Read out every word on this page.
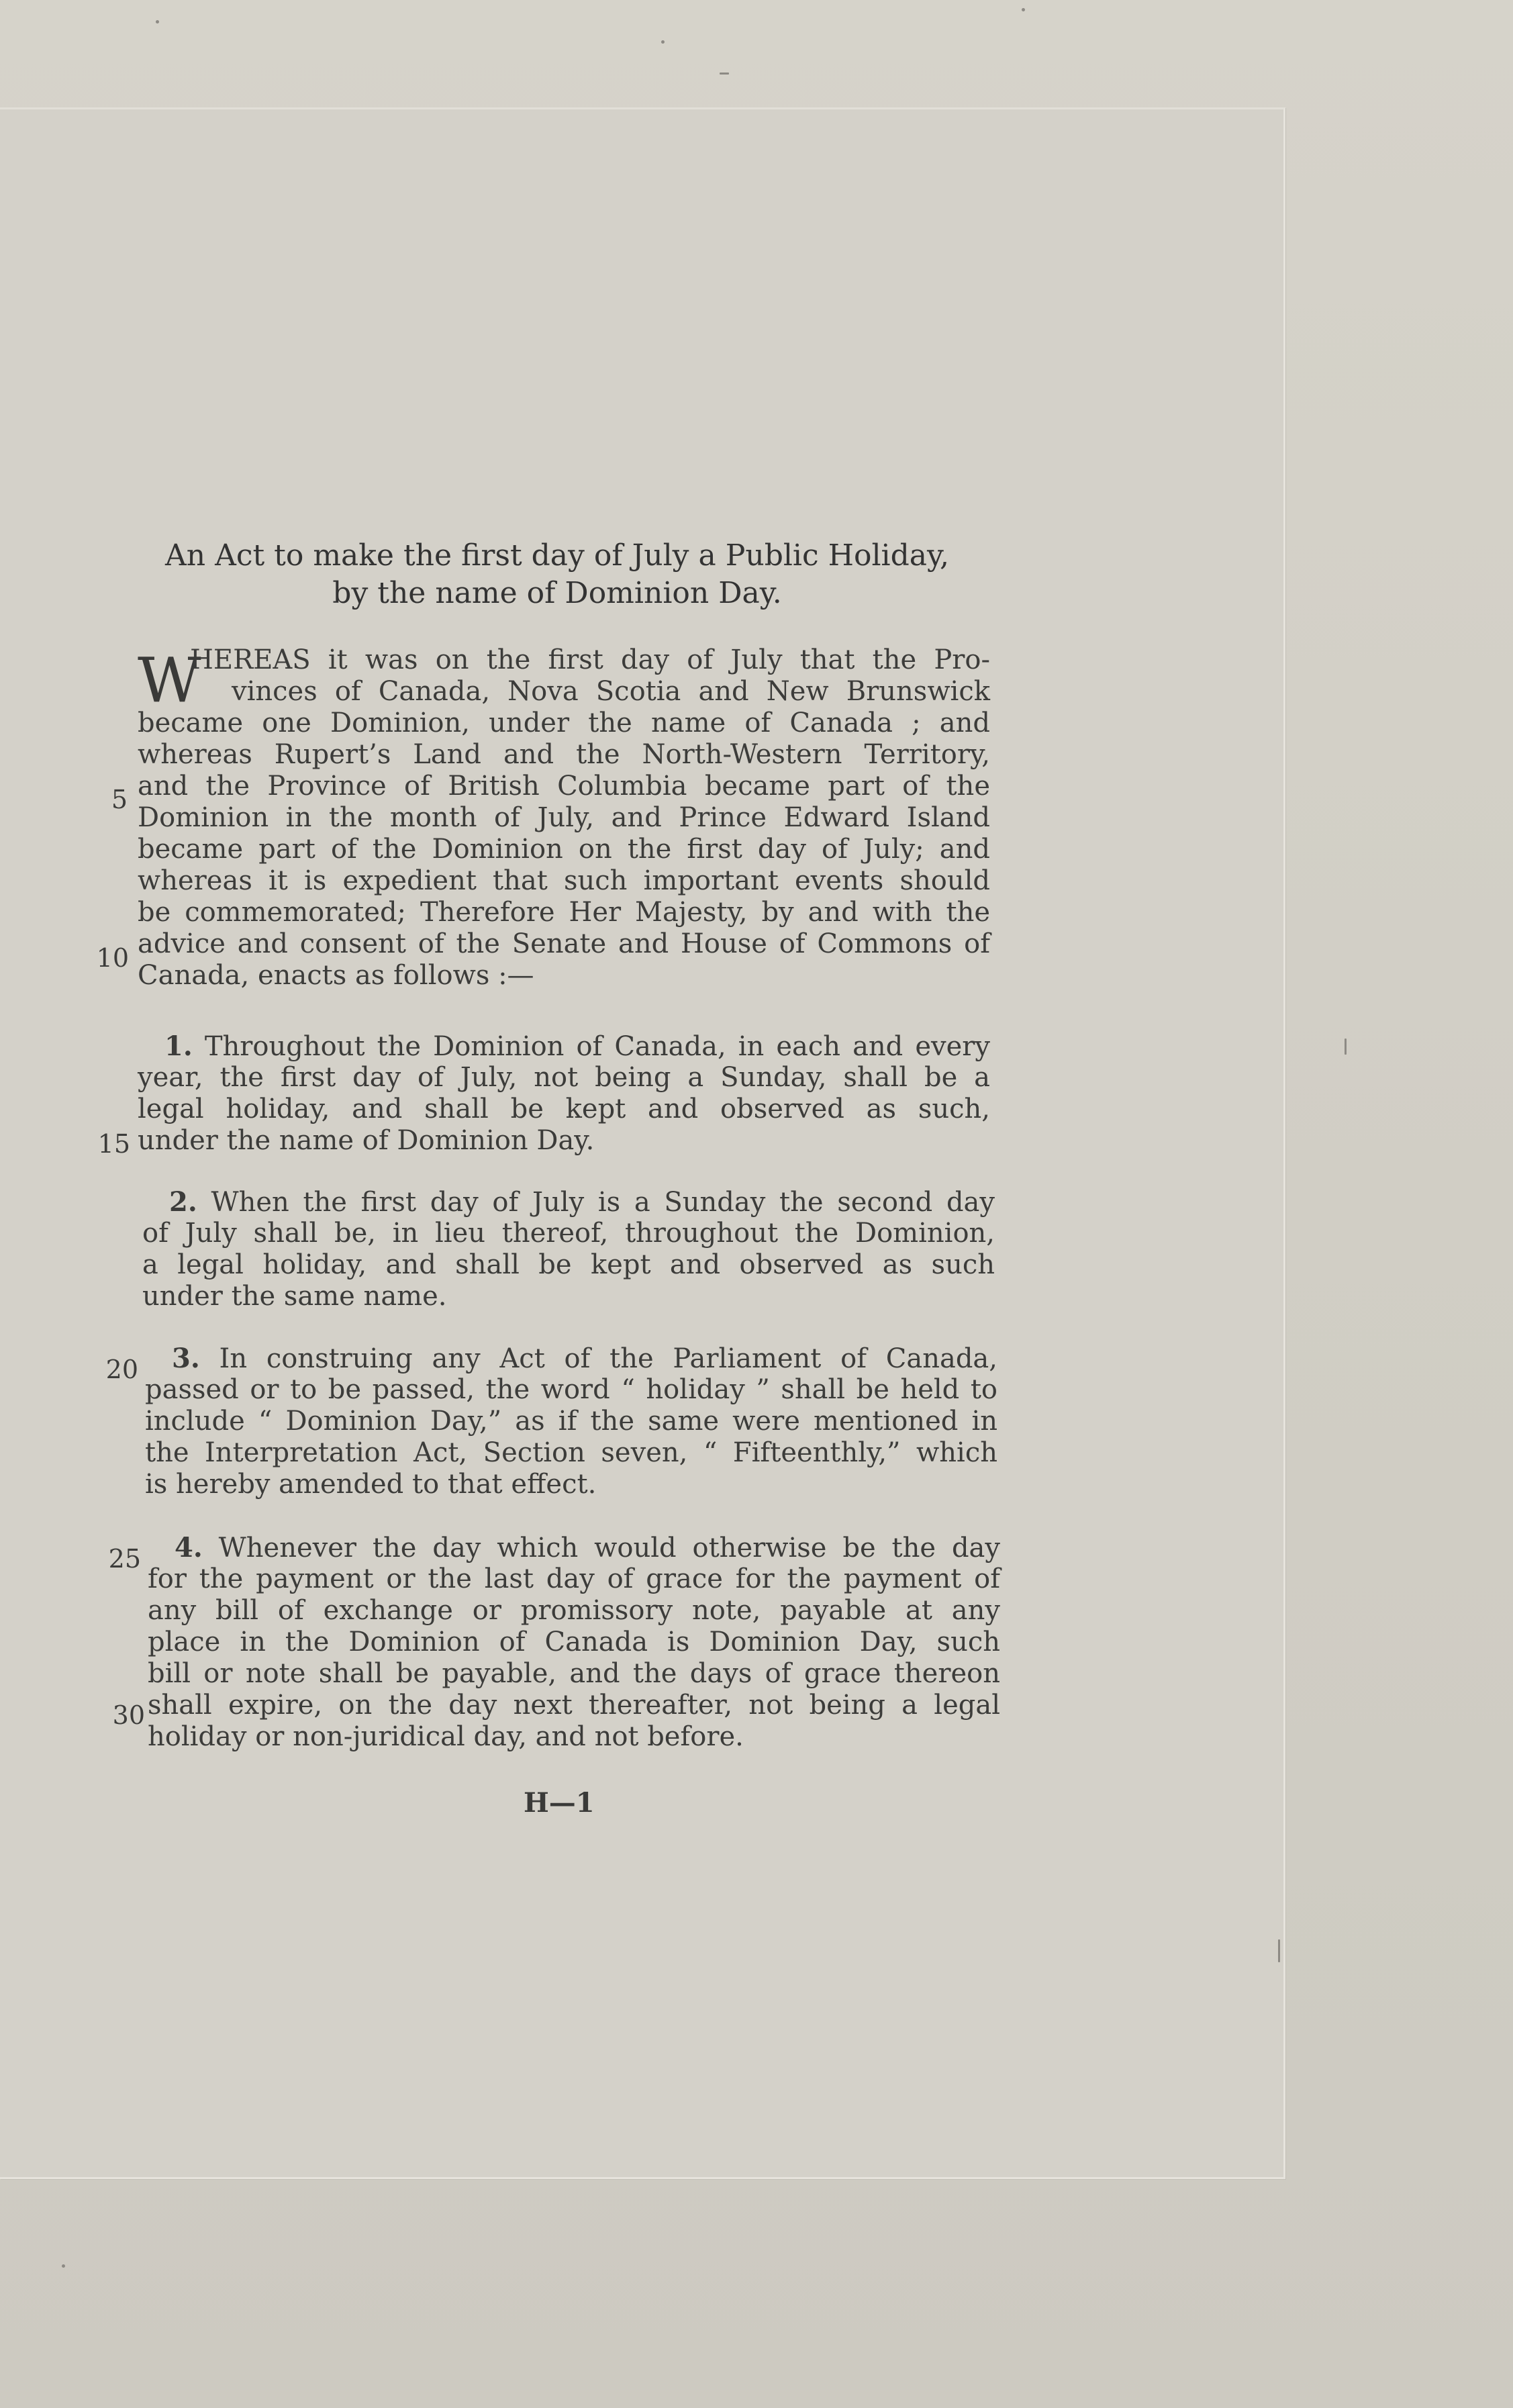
An Act to make the first day of July a Public Holiday,
by the name of Dominion Day.
W
HEREAS it was on the first day of July that the Pro-
vinces of Canada, Nova Scotia and New Brunswick
became one Dominion, under the name of Canada ; and
whereas Rupert’s Land and the North-Western Territory,
and the Province of British Columbia became part of the
Dominion in the month of July, and Prince Edward Island
became part of the Dominion on the first day of July; and
whereas it is expedient that such important events should
be commemorated; Therefore Her Majesty, by and with the
advice and consent of the Senate and House of Commons of
Canada, enacts as follows :—
1. Throughout the Dominion of Canada, in each and every
year, the first day of July, not being a Sunday, shall be a
legal holiday, and shall be kept and observed as such,
under the name of Dominion Day.
2. When the first day of July is a Sunday the second day
of July shall be, in lieu thereof, throughout the Dominion,
a legal holiday, and shall be kept and observed as such
under the same name.
3. In construing any Act of the Parliament of Canada,
passed or to be passed, the word “ holiday ” shall be held to
include “ Dominion Day,” as if the same were mentioned in
the Interpretation Act, Section seven, “ Fifteenthly,” which
is hereby amended to that effect.
4. Whenever the day which would otherwise be the day
for the payment or the last day of grace for the payment of
any bill of exchange or promissory note, payable at any
place in the Dominion of Canada is Dominion Day, such
bill or note shall be payable, and the days of grace thereon
shall expire, on the day next thereafter, not being a legal
holiday or non-juridical day, and not before.
5
10
15
20
25
30
H—1
